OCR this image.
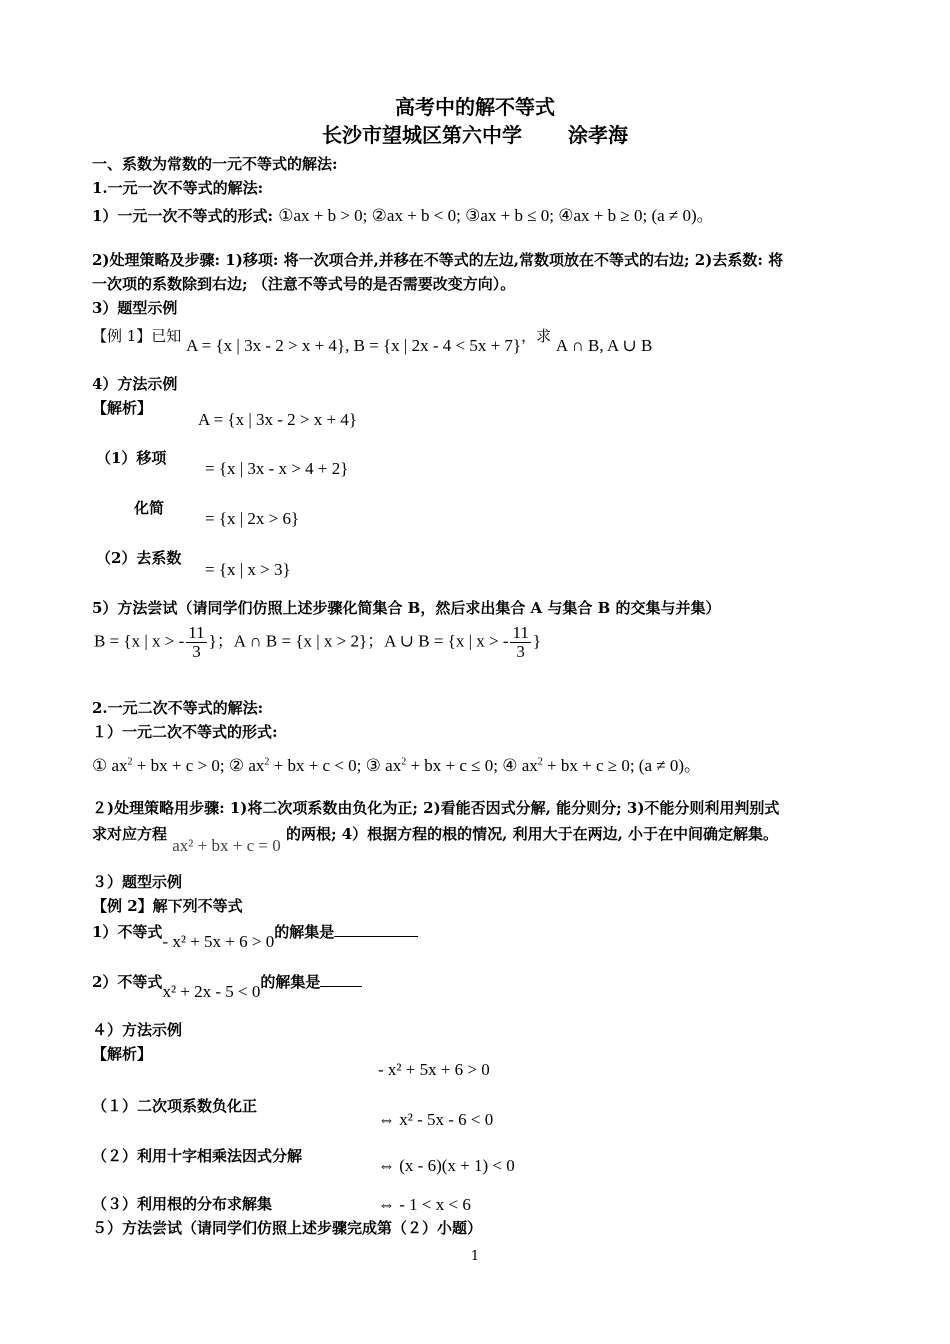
高考中的解不等式
长沙市望城区第六中学 涂孝海
一、系数为常数的一元不等式的解法:
1.一元一次不等式的解法:
1）一元一次不等式的形式: ①ax + b > 0; ②ax + b < 0; ③ax + b ≤ 0; ④ax + b ≥ 0; (a ≠ 0)。
2)处理策略及步骤: 1)移项: 将一次项合并,并移在不等式的左边,常数项放在不等式的右边; 2)去系数: 将
一次项的系数除到右边; （注意不等式号的是否需要改变方向）。
3）题型示例
【例 1】已知 A = {x | 3x - 2 > x + 4}, B = {x | 2x - 4 < 5x + 7}，求 A ∩ B, A ∪ B
4）方法示例
【解析】
A = {x | 3x - 2 > x + 4}
（1）移项
= {x | 3x - x > 4 + 2}
化简
= {x | 2x > 6}
（2）去系数
= {x | x > 3}
5）方法尝试（请同学们仿照上述步骤化简集合 B，然后求出集合 A 与集合 B 的交集与并集）
B = {x | x > - $\frac{11}{3}$ }；A ∩ B = {x | x > 2}；A ∪ B = {x | x > - $\frac{11}{3}$ }
2.一元二次不等式的解法:
１）一元二次不等式的形式:
① $ax^2$ + bx + c > 0; ② $ax^2$ + bx + c < 0; ③ $ax^2$ + bx + c ≤ 0; ④ $ax^2$ + bx + c ≥ 0; (a ≠ 0)。
２)处理策略用步骤: 1)将二次项系数由负化为正; 2)看能否因式分解, 能分则分; 3)不能分则利用判别式
求对应方程 ax² + bx + c = 0 的两根; 4）根据方程的根的情况, 利用大于在两边, 小于在中间确定解集。
３）题型示例
【例 2】解下列不等式
1）不等式- x² + 5x + 6 > 0的解集是
2）不等式x² + 2x - 5 < 0的解集是
４）方法示例
【解析】
- x² + 5x + 6 > 0
（１）二次项系数负化正
⇔ x² - 5x - 6 < 0
（２）利用十字相乘法因式分解	⇔ (x - 6)(x + 1) < 0
（３）利用根的分布求解集	⇔ - 1 < x < 6
５）方法尝试（请同学们仿照上述步骤完成第（２）小题）
1
